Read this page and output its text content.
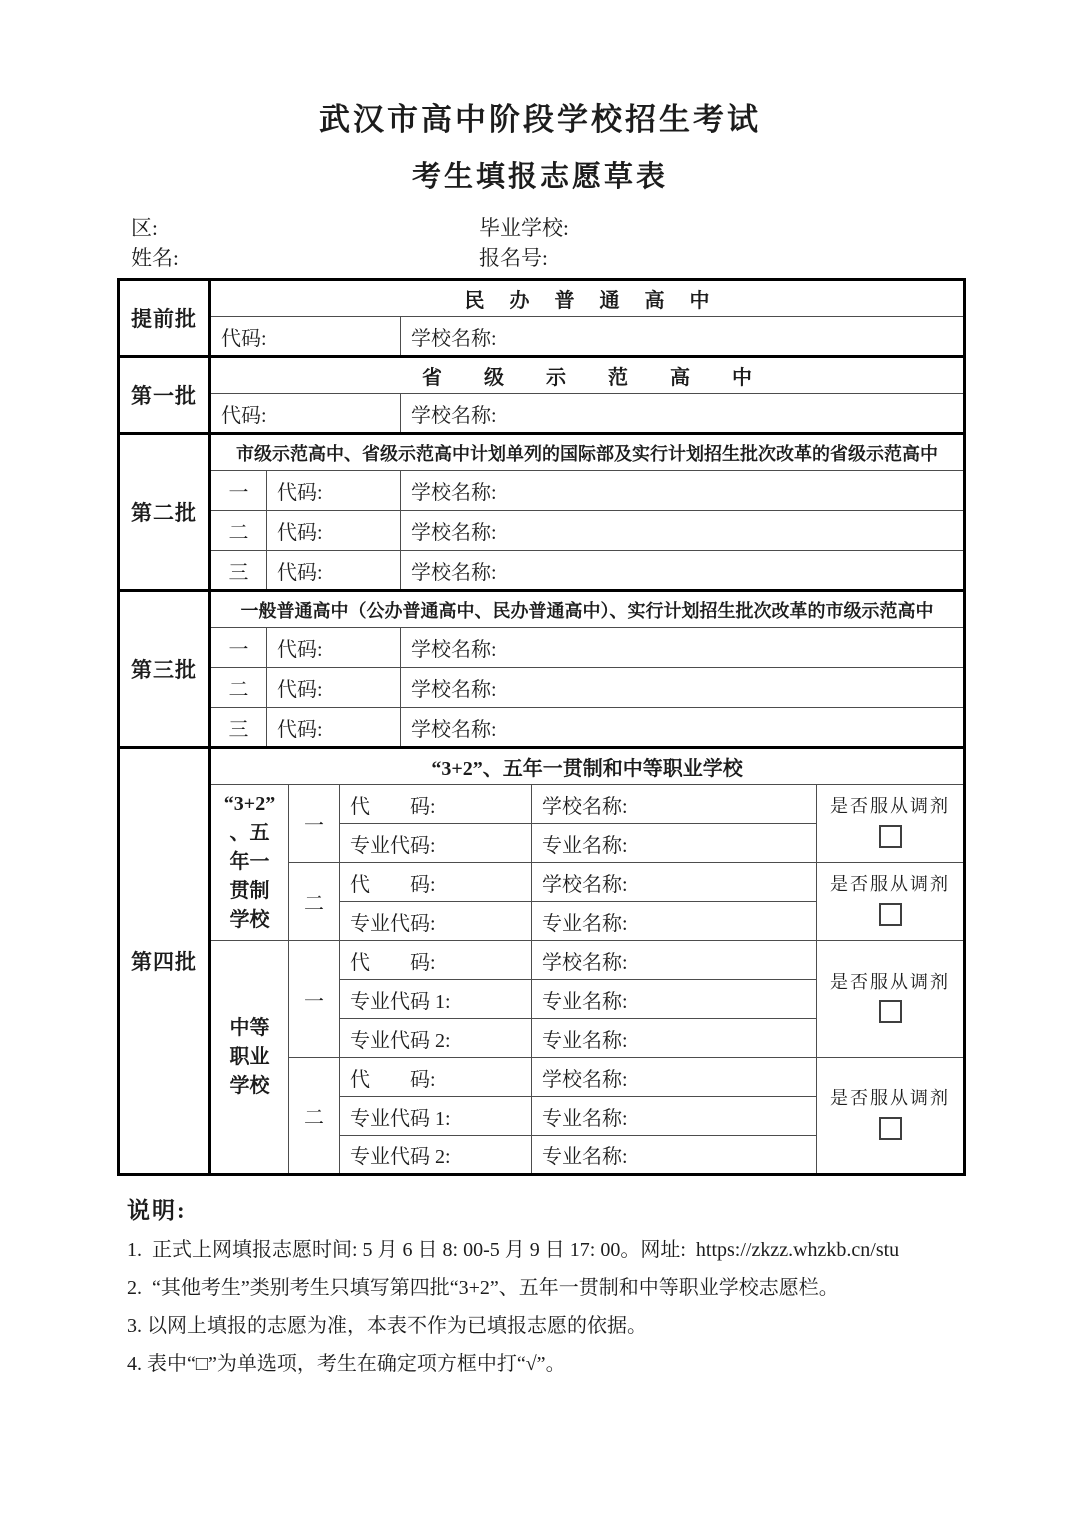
武汉市高中阶段学校招生考试
考生填报志愿草表
区:	毕业学校:
姓名:	报名号:
提前批	民办普通高中						
	代码:				学校名称:		
第一批	省级示范高中						
	代码:				学校名称:		
第二批	市级示范高中、省级示范高中计划单列的国际部及实行计划招生批次改革的省级示范高中						
	一	代码:			学校名称:		
	二	代码:			学校名称:		
	三	代码:			学校名称:		
第三批	一般普通高中（公办普通高中、民办普通高中）、实行计划招生批次改革的市级示范高中						
	一	代码:			学校名称:		
	二	代码:			学校名称:		
	三	代码:			学校名称:		
第四批	“3+2”、五年一贯制和中等职业学校						
	“3+2”、五年一贯制学校		一	代　　码:		学校名称:	是否服从调剂

				专业代码:		专业名称:	
			二	代　　码:		学校名称:	是否服从调剂

				专业代码:		专业名称:	
	中等职业学校		一	代　　码:		学校名称:	是否服从调剂

				专业代码 1:		专业名称:	
				专业代码 2:		专业名称:	
			二	代　　码:		学校名称:	是否服从调剂

				专业代码 1:		专业名称:	
				专业代码 2:		专业名称:	
说明:
1.  正式上网填报志愿时间: 5 月 6 日 8: 00-5 月 9 日 17: 00。网址:  https://zkzz.whzkb.cn/stu
2.  “其他考生”类别考生只填写第四批“3+2”、五年一贯制和中等职业学校志愿栏。
3. 以网上填报的志愿为准，本表不作为已填报志愿的依据。
4. 表中“□”为单选项，考生在确定项方框中打“√”。
